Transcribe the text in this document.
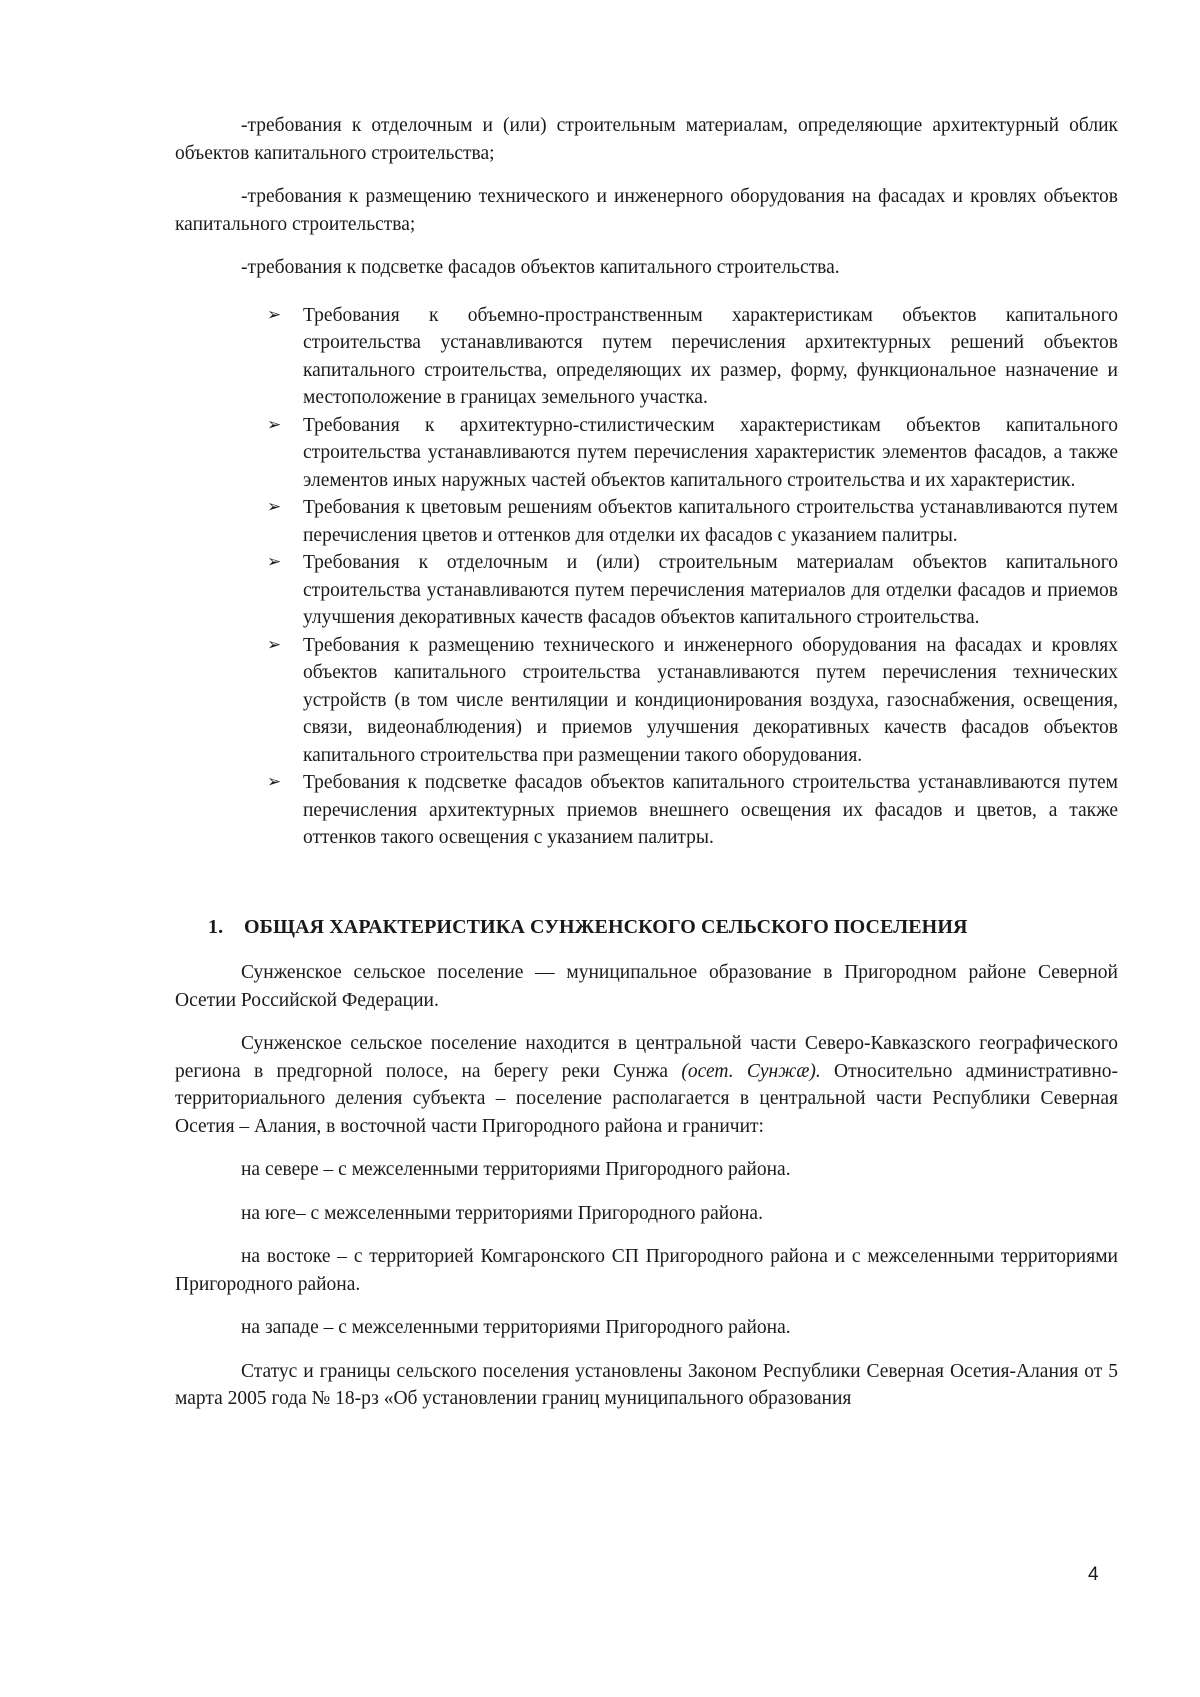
-требования к отделочным и (или) строительным материалам, определяющие архитектурный облик объектов капитального строительства;

-требования к размещению технического и инженерного оборудования на фасадах и кровлях объектов капитального строительства;

-требования к подсветке фасадов объектов капитального строительства.

➢ Требования к объемно-пространственным характеристикам объектов капитального строительства устанавливаются путем перечисления архитектурных решений объектов капитального строительства, определяющих их размер, форму, функциональное назначение и местоположение в границах земельного участка.
➢ Требования к архитектурно-стилистическим характеристикам объектов капитального строительства устанавливаются путем перечисления характеристик элементов фасадов, а также элементов иных наружных частей объектов капитального строительства и их характеристик.
➢ Требования к цветовым решениям объектов капитального строительства устанавливаются путем перечисления цветов и оттенков для отделки их фасадов с указанием палитры.
➢ Требования к отделочным и (или) строительным материалам объектов капитального строительства устанавливаются путем перечисления материалов для отделки фасадов и приемов улучшения декоративных качеств фасадов объектов капитального строительства.
➢ Требования к размещению технического и инженерного оборудования на фасадах и кровлях объектов капитального строительства устанавливаются путем перечисления технических устройств (в том числе вентиляции и кондиционирования воздуха, газоснабжения, освещения, связи, видеонаблюдения) и приемов улучшения декоративных качеств фасадов объектов капитального строительства при размещении такого оборудования.
➢ Требования к подсветке фасадов объектов капитального строительства устанавливаются путем перечисления архитектурных приемов внешнего освещения их фасадов и цветов, а также оттенков такого освещения с указанием палитры.
1. ОБЩАЯ ХАРАКТЕРИСТИКА СУНЖЕНСКОГО СЕЛЬСКОГО ПОСЕЛЕНИЯ

Сунженское сельское поселение — муниципальное образование в Пригородном районе Северной Осетии Российской Федерации.

Сунженское сельское поселение находится в центральной части Северо-Кавказского географического региона в предгорной полосе, на берегу реки Сунжа (осет. Сунжæ). Относительно административно-территориального деления субъекта – поселение располагается в центральной части Республики Северная Осетия – Алания, в восточной части Пригородного района и граничит:

на севере – с межселенными территориями Пригородного района.

на юге– с межселенными территориями Пригородного района.

на востоке – с территорией Комгаронского СП Пригородного района и с межселенными территориями Пригородного района.

на западе – с межселенными территориями Пригородного района.

Статус и границы сельского поселения установлены Законом Республики Северная Осетия-Алания от 5 марта 2005 года № 18-рз «Об установлении границ муниципального образования

4
